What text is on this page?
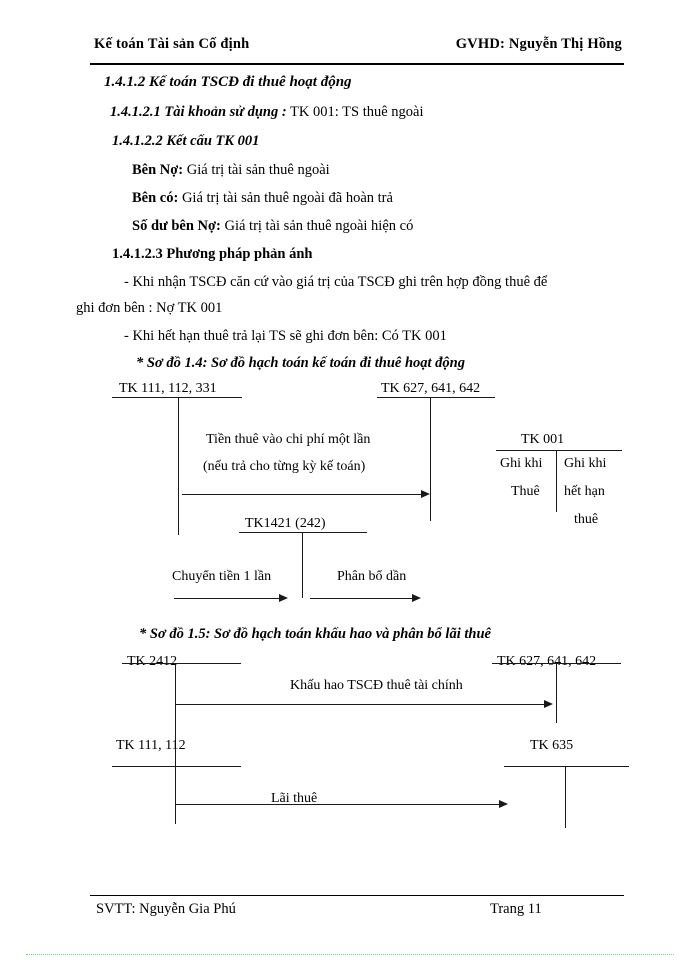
Kế toán Tài sản Cố định	GVHD: Nguyễn Thị Hồng
1.4.1.2 Kế toán TSCĐ đi thuê hoạt động
1.4.1.2.1 Tài khoản sử dụng : TK 001: TS thuê ngoài
1.4.1.2.2 Kết cấu TK 001
Bên Nợ: Giá trị tài sản thuê ngoài
Bên có: Giá trị tài sản thuê ngoài đã hoàn trả
Số dư bên Nợ: Giá trị tài sản thuê ngoài hiện có
1.4.1.2.3 Phương pháp phản ánh
- Khi nhận TSCĐ căn cứ vào giá trị của TSCĐ ghi trên hợp đồng thuê để
ghi đơn bên : Nợ TK 001
- Khi hết hạn thuê trả lại TS sẽ ghi đơn bên: Có TK 001
* Sơ đồ 1.4: Sơ đồ hạch toán kế toán đi thuê hoạt động
TK 111, 112, 331	TK 627, 641, 642
Tiền thuê vào chi phí một lần
(nếu trả cho từng kỳ kế toán)
TK 001
Ghi khi
Thuê
Ghi khi
hết hạn
thuê
TK1421 (242)
Chuyển tiền 1 lần	Phân bổ dần
* Sơ đồ 1.5: Sơ đồ hạch toán khấu hao và phân bổ lãi thuê
TK 2412	TK 627, 641, 642
Khấu hao TSCĐ thuê tài chính
TK 111, 112	TK 635
Lãi thuê
SVTT: Nguyễn Gia Phú	Trang 11
